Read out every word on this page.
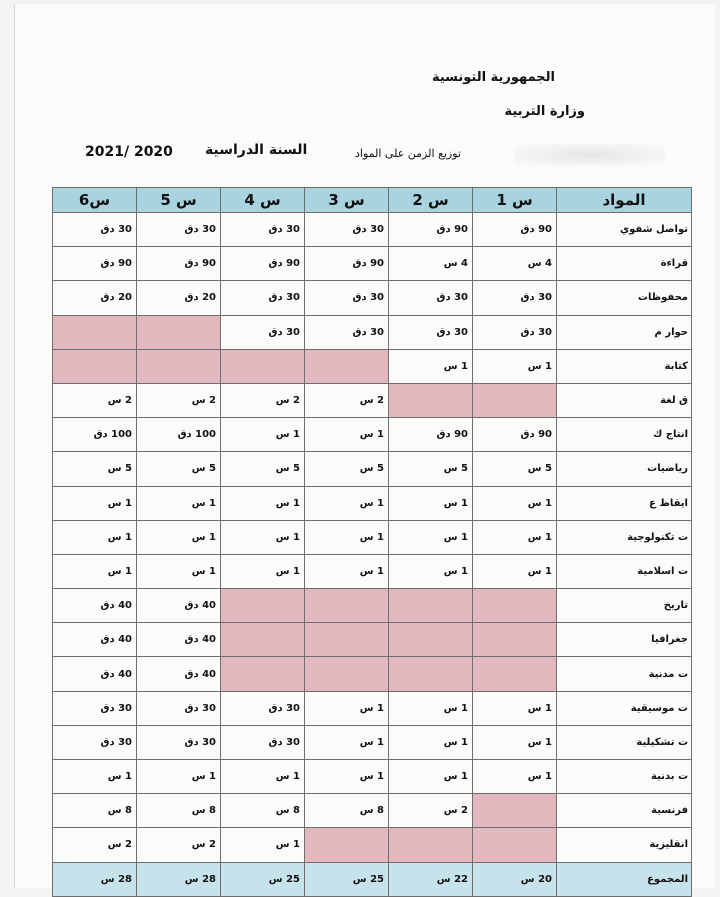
الجمهورية التونسية
وزارة التربية
السنة الدراسية
2021/ 2020	توزيع الزمن على المواد
س6	س 5	س 4	س 3	س 2	س 1	المواد
30 دق	30 دق	30 دق	30 دق	90 دق	90 دق	تواصل شفوي
90 دق	90 دق	90 دق	90 دق	4 س	4 س	قراءة
20 دق	20 دق	30 دق	30 دق	30 دق	30 دق	محفوظات
		30 دق	30 دق	30 دق	30 دق	حوار م
				1 س	1 س	كتابة
2 س	2 س	2 س	2 س			ق لغة
100 دق	100 دق	1 س	1 س	90 دق	90 دق	انتاج ك
5 س	5 س	5 س	5 س	5 س	5 س	رياضيات
1 س	1 س	1 س	1 س	1 س	1 س	ايقاظ ع
1 س	1 س	1 س	1 س	1 س	1 س	ت تكنولوجية
1 س	1 س	1 س	1 س	1 س	1 س	ت اسلامية
40 دق	40 دق					تاريخ
40 دق	40 دق					جغرافيا
40 دق	40 دق					ت مدنية
30 دق	30 دق	30 دق	1 س	1 س	1 س	ت موسيقية
30 دق	30 دق	30 دق	1 س	1 س	1 س	ت تشكيلية
1 س	1 س	1 س	1 س	1 س	1 س	ت بدنية
8 س	8 س	8 س	8 س	2 س		فرنسية
2 س	2 س	1 س				انقليزية
28 س	28 س	25 س	25 س	22 س	20 س	المجموع
